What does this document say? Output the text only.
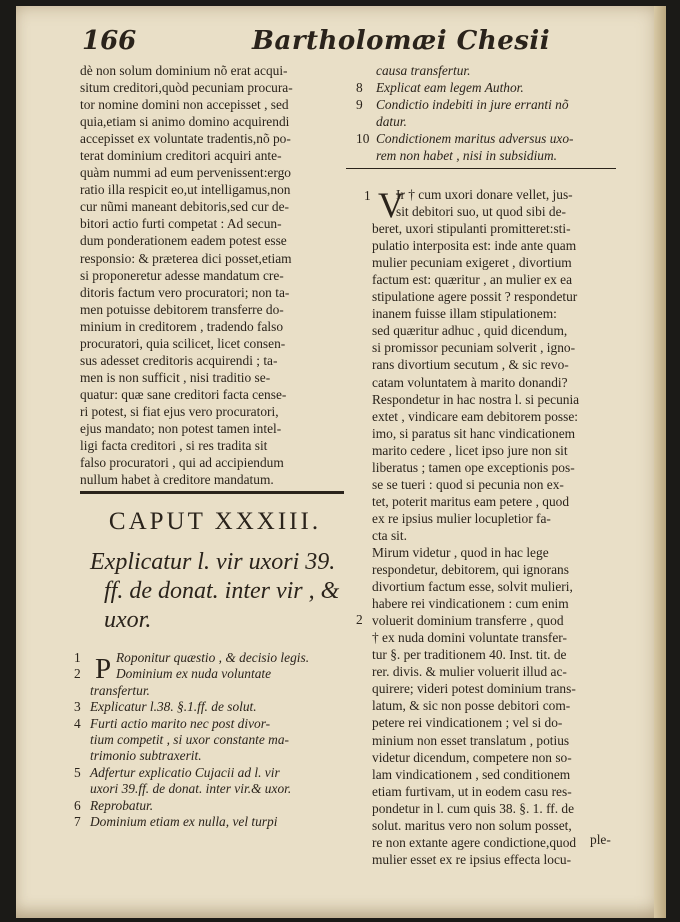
166	Bartholomæi Chesii
dè non solum dominium nõ erat acqui-
situm creditori,quòd pecuniam procura-
tor nomine domini non accepisset , sed
quia,etiam si animo domino acquirendi
accepisset ex voluntate tradentis,nõ po-
terat dominium creditori acquiri ante-
quàm nummi ad eum pervenissent:ergo
ratio illa respicit eo,ut intelligamus,non
cur nũmi maneant debitoris,sed cur de-
bitori actio furti competat : Ad secun-
dum ponderationem eadem potest esse
responsio: & præterea dici posset,etiam
si proponeretur adesse mandatum cre-
ditoris factum vero procuratori; non ta-
men potuisse debitorem transferre do-
minium in creditorem , tradendo falso
procuratori, quia scilicet, licet consen-
sus adesset creditoris acquirendi ; ta-
men is non sufficit , nisi traditio se-
quatur: quæ sane creditori facta cense-
ri potest, si fiat ejus vero procuratori,
ejus mandato; non potest tamen intel-
ligi facta creditori , si res tradita sit
falso procuratori , qui ad accipiendum
nullum habet à creditore mandatum.
CAPUT XXXIII.
Explicatur l. vir uxori 39.
ff. de donat. inter vir , &
uxor.
P
1	Roponitur quæstio , & decisio legis.
2	Dominium ex nuda voluntate
transfertur.
3 Explicatur l.38. §.1.ff. de solut.
4 Furti actio marito nec post divor-
tium competit , si uxor constante ma-
trimonio subtraxerit.
5 Adfertur explicatio Cujacii ad l. vir
uxori 39.ff. de donat. inter vir.& uxor.
6 Reprobatur.
7 Dominium etiam ex nulla, vel turpi
causa transfertur.
8 Explicat eam legem Author.
9 Condictio indebiti in jure erranti nõ
datur.
10 Condictionem maritus adversus uxo-
rem non habet , nisi in subsidium.
1
2
V
Ir † cum uxori donare vellet, jus-
sit debitori suo, ut quod sibi de-
beret, uxori stipulanti promitteret:sti-
pulatio interposita est: inde ante quam
mulier pecuniam exigeret , divortium
factum est: quæritur , an mulier ex ea
stipulatione agere possit ? respondetur
inanem fuisse illam stipulationem:
sed quæritur adhuc , quid dicendum,
si promissor pecuniam solverit , igno-
rans divortium secutum , & sic revo-
catam voluntatem à marito donandi?
Respondetur in hac nostra l. si pecunia
extet , vindicare eam debitorem posse:
imo, si paratus sit hanc vindicationem
marito cedere , licet ipso jure non sit
liberatus ; tamen ope exceptionis pos-
se se tueri : quod si pecunia non ex-
tet, poterit maritus eam petere , quod
ex re ipsius mulier locupletior fa-
cta sit.
Mirum videtur , quod in hac lege
respondetur, debitorem, qui ignorans
divortium factum esse, solvit mulieri,
habere rei vindicationem : cum enim
voluerit dominium transferre , quod
† ex nuda domini voluntate transfer-
tur §. per traditionem 40. Inst. tit. de
rer. divis. & mulier voluerit illud ac-
quirere; videri potest dominium trans-
latum, & sic non posse debitori com-
petere rei vindicationem ; vel si do-
minium non esset translatum , potius
videtur dicendum, competere non so-
lam vindicationem , sed conditionem
etiam furtivam, ut in eodem casu res-
pondetur in l. cum quis 38. §. 1. ff. de
solut. maritus vero non solum posset,
re non extante agere condictione,quod
mulier esset ex re ipsius effecta locu-
ple-
